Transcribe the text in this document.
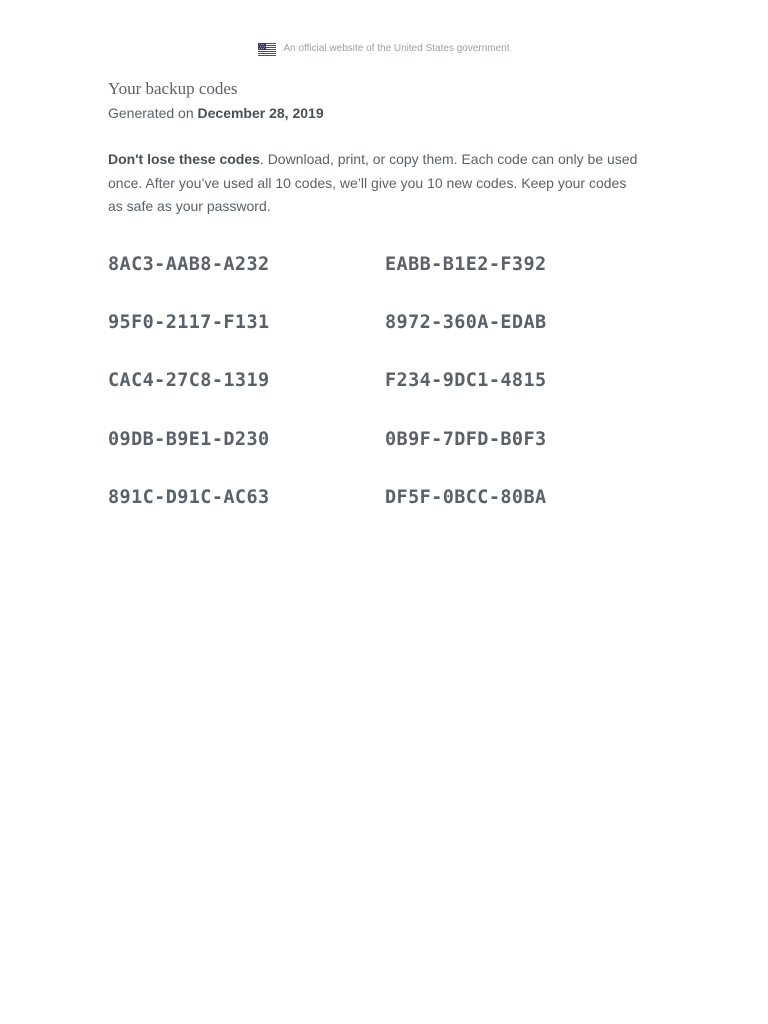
An official website of the United States government
Your backup codes
Generated on December 28, 2019

Don't lose these codes. Download, print, or copy them. Each code can only be used once. After you’ve used all 10 codes, we’ll give you 10 new codes. Keep your codes as safe as your password.

8AC3-AAB8-A232	EABB-B1E2-F392
95F0-2117-F131	8972-360A-EDAB
CAC4-27C8-1319	F234-9DC1-4815
09DB-B9E1-D230	0B9F-7DFD-B0F3
891C-D91C-AC63	DF5F-0BCC-80BA
